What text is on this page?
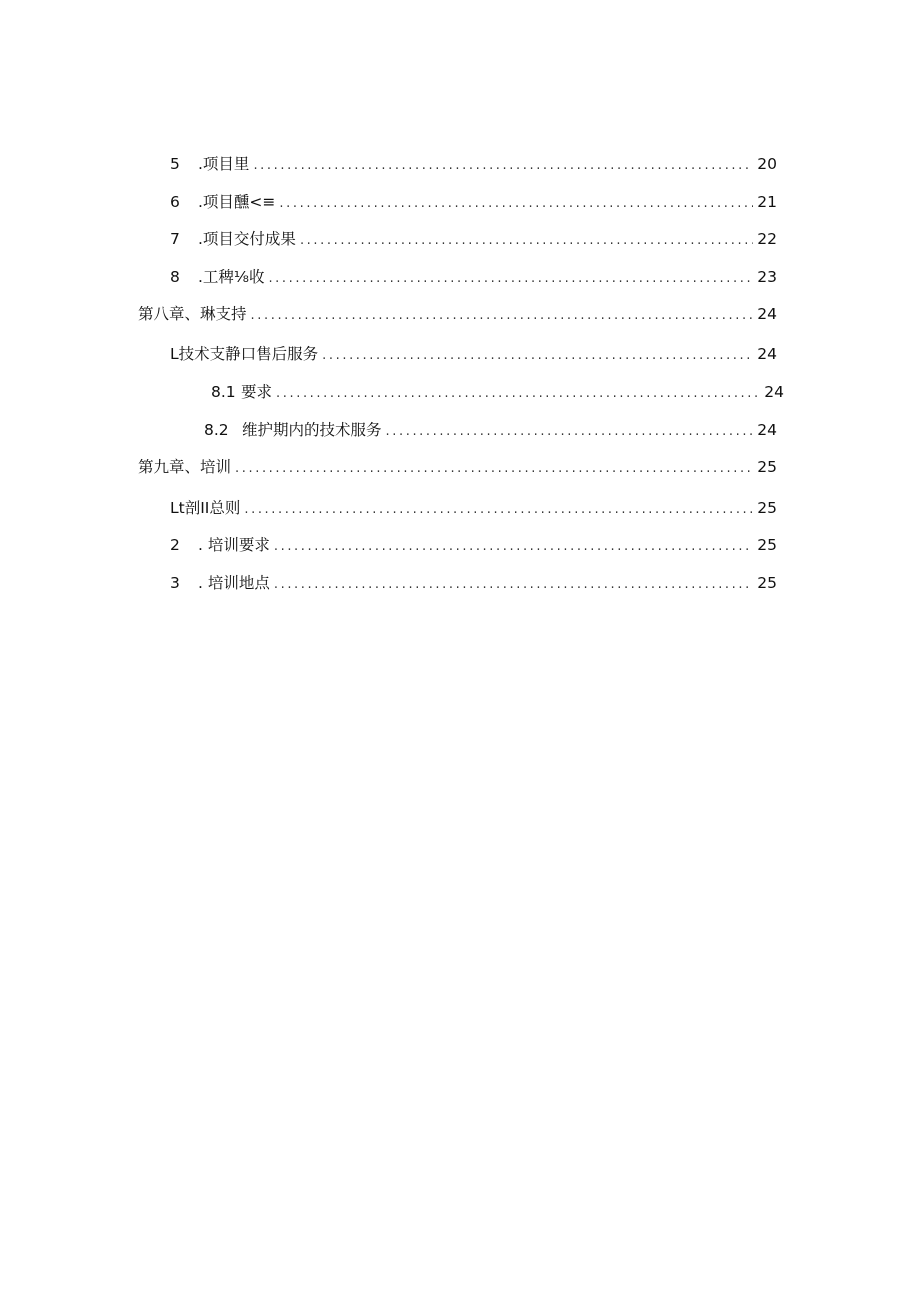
5	.项目里 .....	20
6	.项目醺<≡ .....	21
7	.项目交付成果 .....	22
8	.工稗⅛收 .....	23
第八章、琳支持 .....	24
L技术支静口售后服务 .....	24
8.1 要求 .....	24
8.2 维护期内的技术服务 .....	24
第九章、培训 .....	25
Lt剖II总则 .....	25
2	. 培训要求 .....	25
3	. 培训地点 .....	25
